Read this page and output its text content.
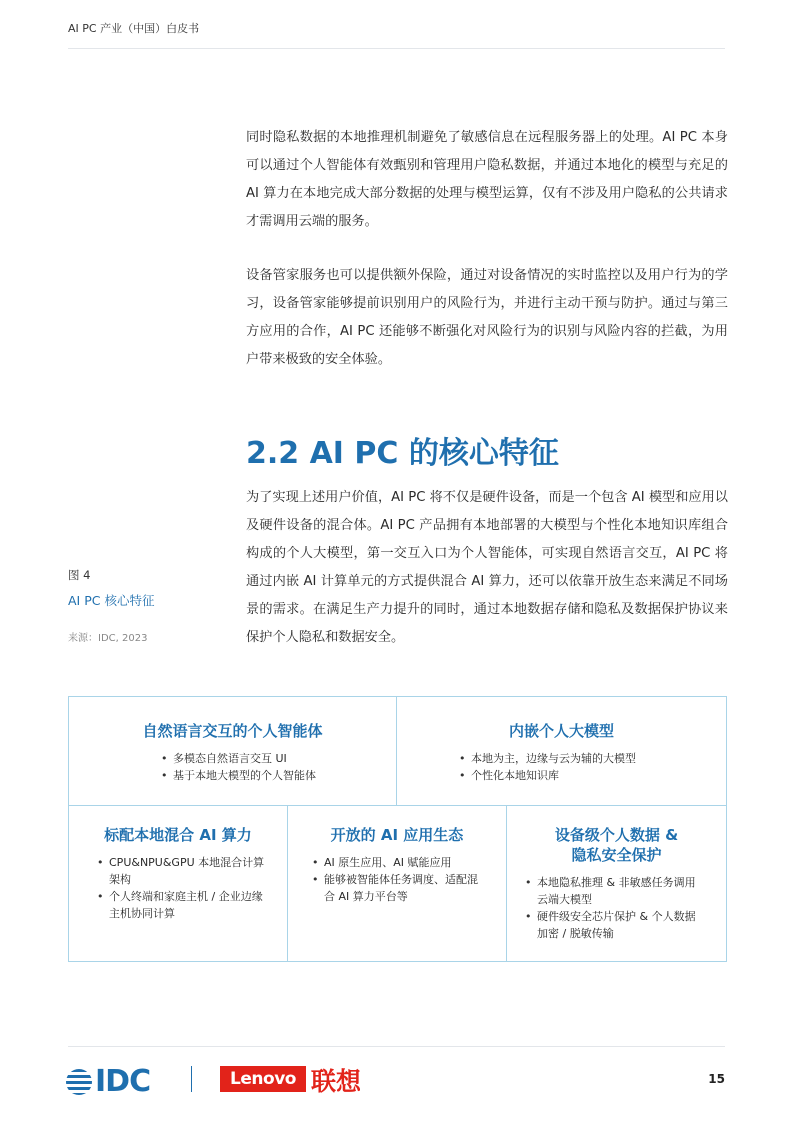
AI PC 产业（中国）白皮书
同时隐私数据的本地推理机制避免了敏感信息在远程服务器上的处理。AI PC 本身可以通过个人智能体有效甄别和管理用户隐私数据，并通过本地化的模型与充足的 AI 算力在本地完成大部分数据的处理与模型运算，仅有不涉及用户隐私的公共请求才需调用云端的服务。
设备管家服务也可以提供额外保险，通过对设备情况的实时监控以及用户行为的学习，设备管家能够提前识别用户的风险行为，并进行主动干预与防护。通过与第三方应用的合作，AI PC 还能够不断强化对风险行为的识别与风险内容的拦截，为用户带来极致的安全体验。
2.2 AI PC 的核心特征
为了实现上述用户价值，AI PC 将不仅是硬件设备，而是一个包含 AI 模型和应用以及硬件设备的混合体。AI PC 产品拥有本地部署的大模型与个性化本地知识库组合构成的个人大模型，第一交互入口为个人智能体，可实现自然语言交互，AI PC 将通过内嵌 AI 计算单元的方式提供混合 AI 算力，还可以依靠开放生态来满足不同场景的需求。在满足生产力提升的同时，通过本地数据存储和隐私及数据保护协议来保护个人隐私和数据安全。
图 4
AI PC 核心特征
来源：IDC, 2023
自然语言交互的个人智能体
• 多模态自然语言交互 UI
• 基于本地大模型的个人智能体
内嵌个人大模型
• 本地为主，边缘与云为辅的大模型
• 个性化本地知识库
标配本地混合 AI 算力
• CPU&NPU&GPU 本地混合计算架构
• 个人终端和家庭主机 / 企业边缘主机协同计算
开放的 AI 应用生态
• AI 原生应用、AI 赋能应用
• 能够被智能体任务调度、适配混合 AI 算力平台等
设备级个人数据 &
隐私安全保护
• 本地隐私推理 & 非敏感任务调用云端大模型
• 硬件级安全芯片保护 & 个人数据加密 / 脱敏传输
IDC	Lenovo 联想	15
